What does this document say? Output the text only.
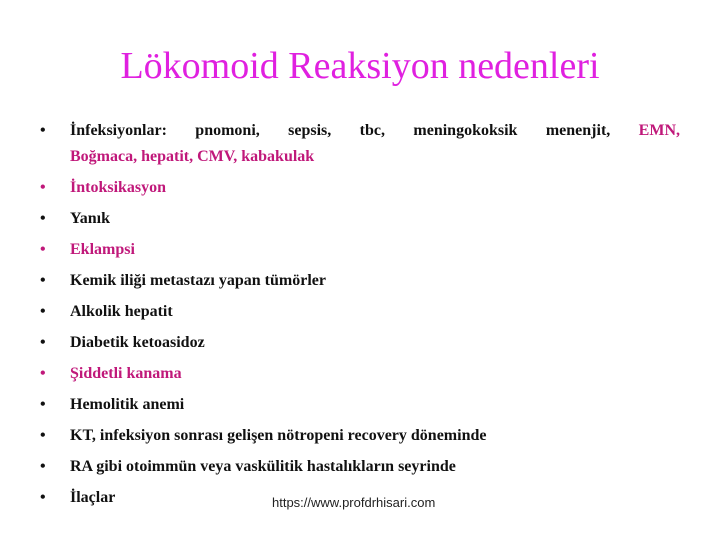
Lökomoid Reaksiyon nedenleri
• İnfeksiyonlar: pnomoni, sepsis, tbc, meningokoksik menenjit, EMN,
Boğmaca, hepatit, CMV, kabakulak
• İntoksikasyon
• Yanık
• Eklampsi
• Kemik iliği metastazı yapan tümörler
• Alkolik hepatit
• Diabetik ketoasidoz
• Şiddetli kanama
• Hemolitik anemi
• KT, infeksiyon sonrası gelişen nötropeni recovery döneminde
• RA gibi otoimmün veya vaskülitik hastalıkların seyrinde
• İlaçlar	https://www.profdrhisari.com
